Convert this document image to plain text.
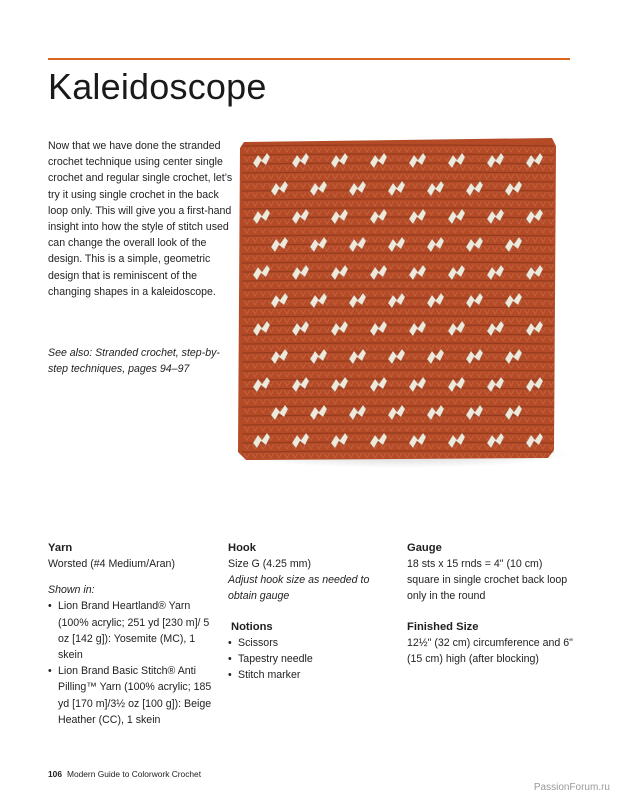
Kaleidoscope

Now that we have done the stranded crochet technique using center single crochet and regular single crochet, let’s try it using single crochet in the back loop only. This will give you a first-hand insight into how the style of stitch used can change the overall look of the design. This is a simple, geometric design that is reminiscent of the changing shapes in a kaleidoscope.

See also: Stranded crochet, step-by-step techniques, pages 94–97

Yarn

Worsted (#4 Medium/Aran)

Shown in:

• Lion Brand Heartland® Yarn (100% acrylic; 251 yd [230 m]/ 5 oz [142 g]): Yosemite (MC), 1 skein
• Lion Brand Basic Stitch® Anti Pilling™ Yarn (100% acrylic; 185 yd [170 m]/3½ oz [100 g]): Beige Heather (CC), 1 skein
Hook

Size G (4.25 mm)

Adjust hook size as needed to obtain gauge

Notions
• Scissors
• Tapestry needle
• Stitch marker
Gauge

18 sts x 15 rnds = 4" (10 cm) square in single crochet back loop only in the round

Finished Size

12½" (32 cm) circumference and 6" (15 cm) high (after blocking)

106 Modern Guide to Colorwork Crochet
PassionForum.ru
